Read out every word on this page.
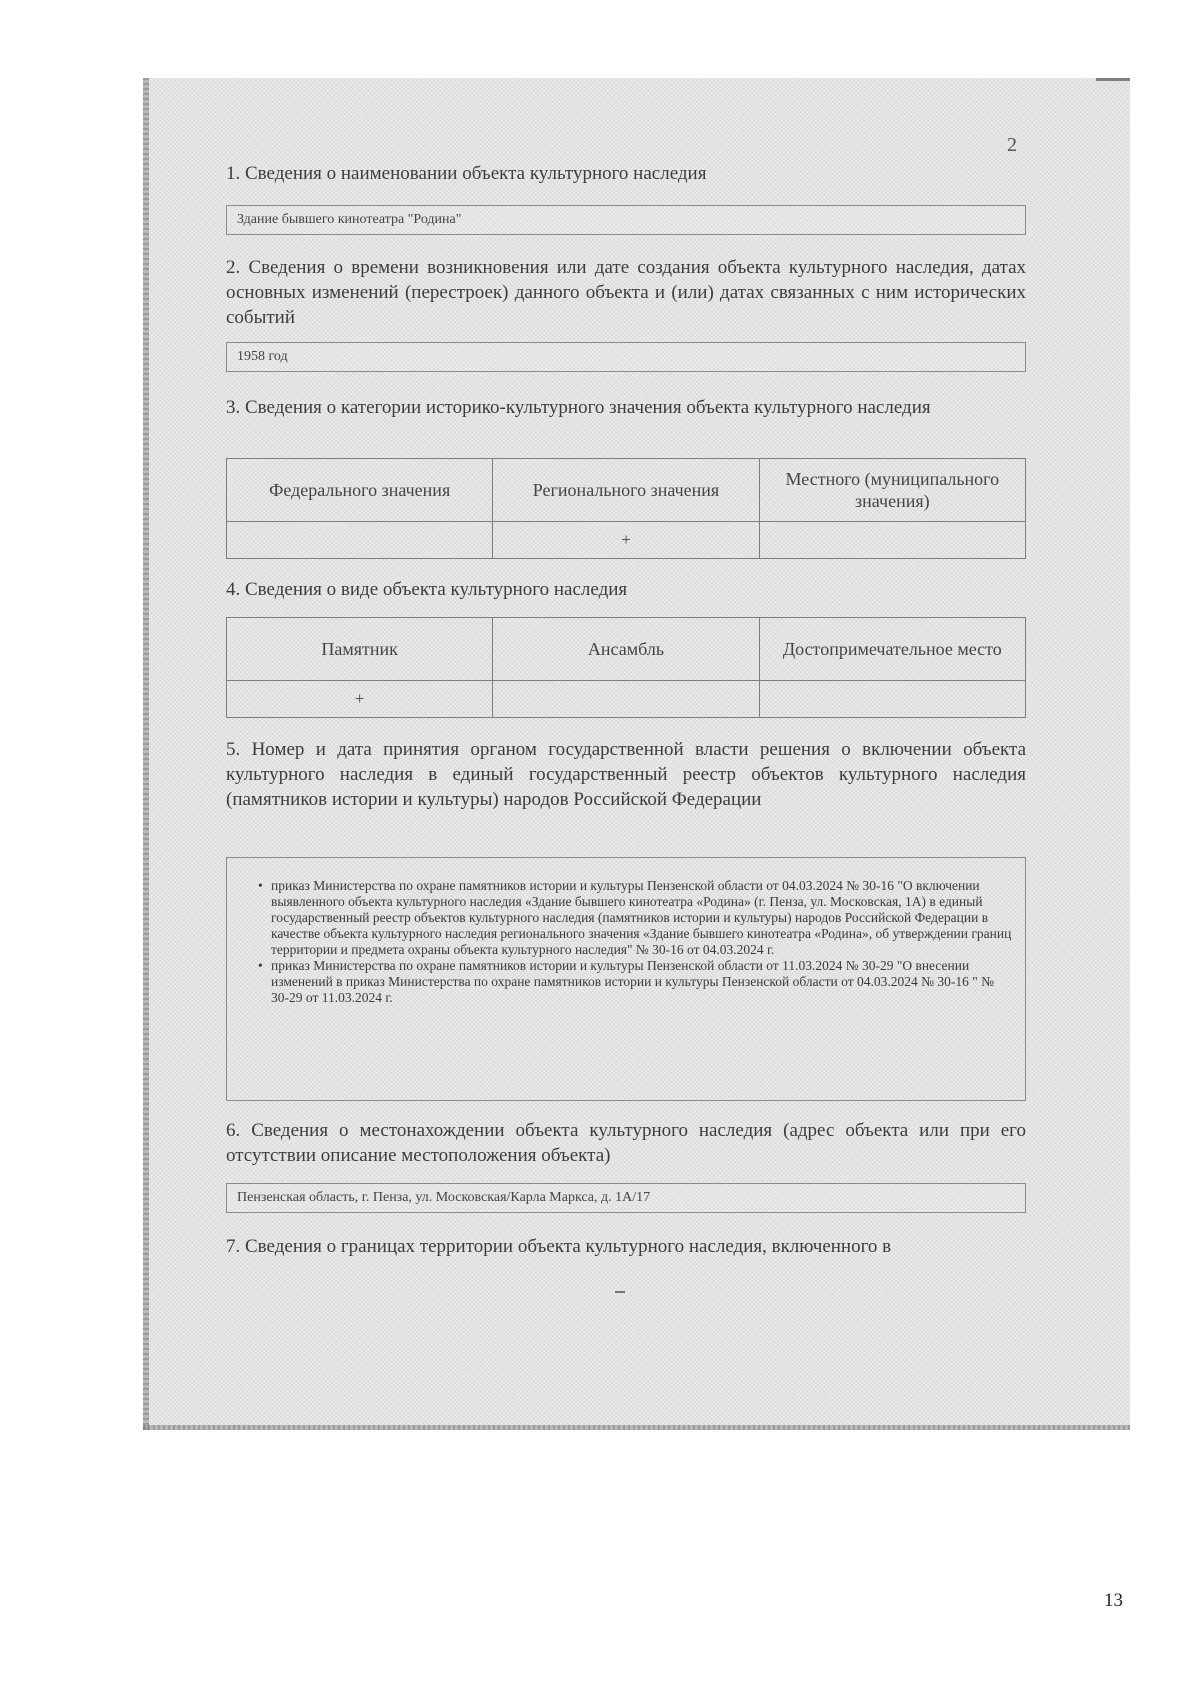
2
1. Сведения о наименовании объекта культурного наследия
Здание бывшего кинотеатра "Родина"
2. Сведения о времени возникновения или дате создания объекта культурного наследия, датах основных изменений (перестроек) данного объекта и (или) датах связанных с ним исторических событий
1958 год
3. Сведения о категории историко-культурного значения объекта культурного наследия
Федерального значения	Регионального значения	Местного (муниципального значения)
	+	
4. Сведения о виде объекта культурного наследия
Памятник	Ансамбль	Достопримечательное место
+		
5. Номер и дата принятия органом государственной власти решения о включении объекта культурного наследия в единый государственный реестр объектов культурного наследия (памятников истории и культуры) народов Российской Федерации
• приказ Министерства по охране памятников истории и культуры Пензенской области от 04.03.2024 № 30-16 "О включении выявленного объекта культурного наследия «Здание бывшего кинотеатра «Родина» (г. Пенза, ул. Московская, 1А) в единый государственный реестр объектов культурного наследия (памятников истории и культуры) народов Российской Федерации в качестве объекта культурного наследия регионального значения «Здание бывшего кинотеатра «Родина», об утверждении границ территории и предмета охраны объекта культурного наследия" № 30-16 от 04.03.2024 г.
• приказ Министерства по охране памятников истории и культуры Пензенской области от 11.03.2024 № 30-29 "О внесении изменений в приказ Министерства по охране памятников истории и культуры Пензенской области от 04.03.2024 № 30-16 " № 30-29 от 11.03.2024 г.
6. Сведения о местонахождении объекта культурного наследия (адрес объекта или при его отсутствии описание местоположения объекта)
Пензенская область, г. Пенза, ул. Московская/Карла Маркса, д. 1А/17
7. Сведения о границах территории объекта культурного наследия, включенного в
13
